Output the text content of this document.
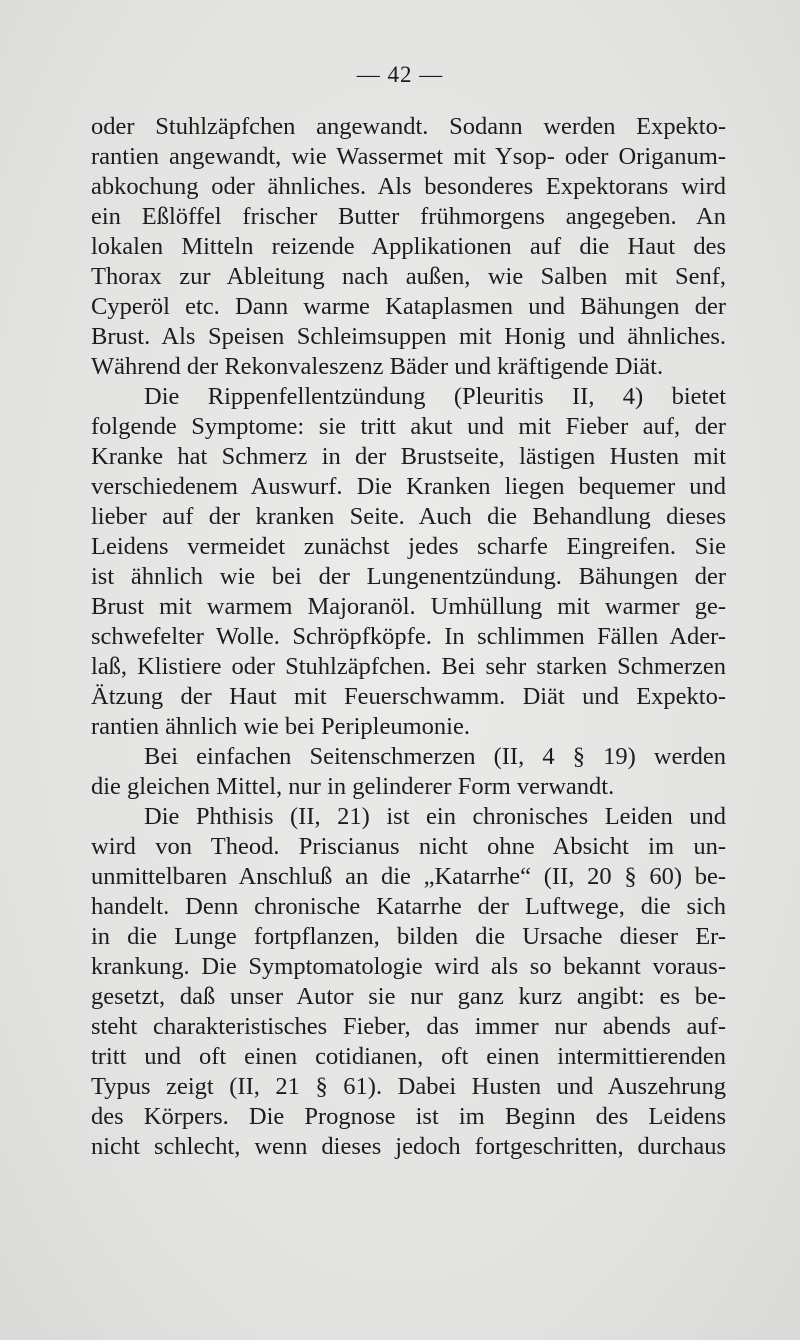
— 42 —
oder Stuhlzäpfchen angewandt. Sodann werden Expekto-
rantien angewandt, wie Wassermet mit Ysop- oder Origanum-
abkochung oder ähnliches. Als besonderes Expektorans wird
ein Eßlöffel frischer Butter frühmorgens angegeben. An
lokalen Mitteln reizende Applikationen auf die Haut des
Thorax zur Ableitung nach außen, wie Salben mit Senf,
Cyperöl etc. Dann warme Kataplasmen und Bähungen der
Brust. Als Speisen Schleimsuppen mit Honig und ähnliches.
Während der Rekonvaleszenz Bäder und kräftigende Diät.
Die Rippenfellentzündung (Pleuritis II, 4) bietet
folgende Symptome: sie tritt akut und mit Fieber auf, der
Kranke hat Schmerz in der Brustseite, lästigen Husten mit
verschiedenem Auswurf. Die Kranken liegen bequemer und
lieber auf der kranken Seite. Auch die Behandlung dieses
Leidens vermeidet zunächst jedes scharfe Eingreifen. Sie
ist ähnlich wie bei der Lungenentzündung. Bähungen der
Brust mit warmem Majoranöl. Umhüllung mit warmer ge-
schwefelter Wolle. Schröpfköpfe. In schlimmen Fällen Ader-
laß, Klistiere oder Stuhlzäpfchen. Bei sehr starken Schmerzen
Ätzung der Haut mit Feuerschwamm. Diät und Expekto-
rantien ähnlich wie bei Peripleumonie.
Bei einfachen Seitenschmerzen (II, 4 § 19) werden
die gleichen Mittel, nur in gelinderer Form verwandt.
Die Phthisis (II, 21) ist ein chronisches Leiden und
wird von Theod. Priscianus nicht ohne Absicht im un-
unmittelbaren Anschluß an die „Katarrhe“ (II, 20 § 60) be-
handelt. Denn chronische Katarrhe der Luftwege, die sich
in die Lunge fortpflanzen, bilden die Ursache dieser Er-
krankung. Die Symptomatologie wird als so bekannt voraus-
gesetzt, daß unser Autor sie nur ganz kurz angibt: es be-
steht charakteristisches Fieber, das immer nur abends auf-
tritt und oft einen cotidianen, oft einen intermittierenden
Typus zeigt (II, 21 § 61). Dabei Husten und Auszehrung
des Körpers. Die Prognose ist im Beginn des Leidens
nicht schlecht, wenn dieses jedoch fortgeschritten, durchaus
